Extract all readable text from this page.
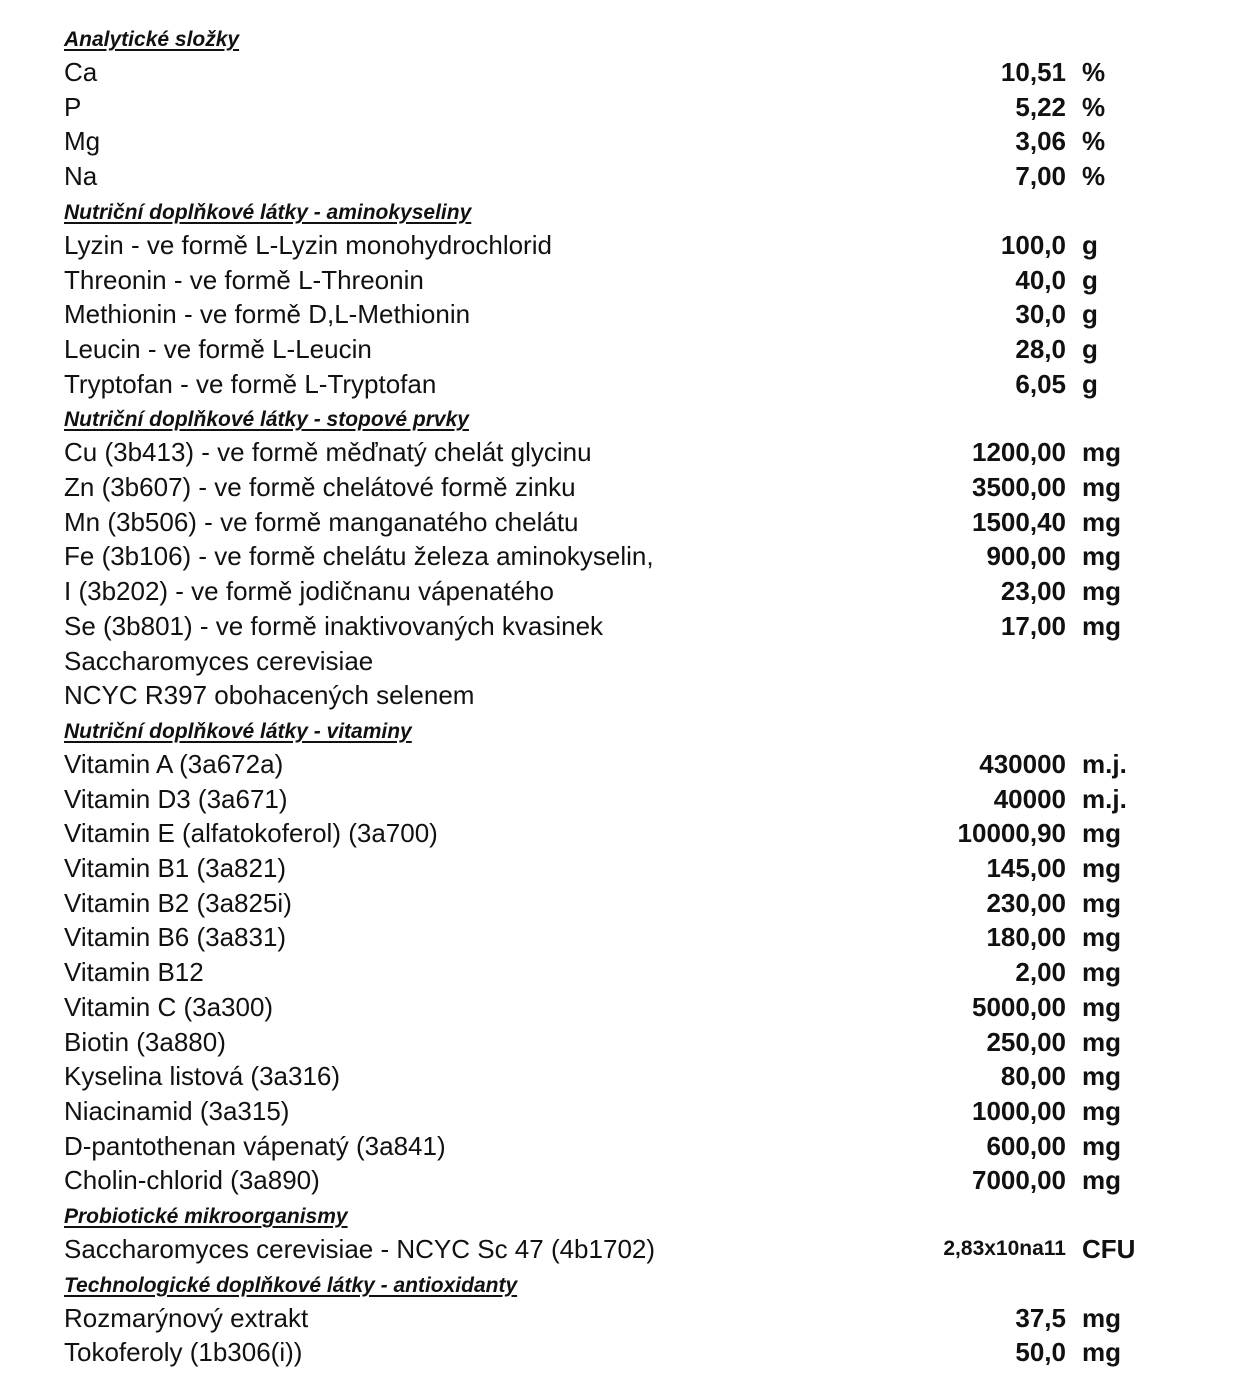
Analytické složky
Ca	10,51 %
P	5,22 %
Mg	3,06 %
Na	7,00 %
Nutriční doplňkové látky - aminokyseliny
Lyzin - ve formě L-Lyzin monohydrochlorid	100,0 g
Threonin - ve formě L-Threonin	40,0 g
Methionin - ve formě D,L-Methionin	30,0 g
Leucin - ve formě L-Leucin	28,0 g
Tryptofan - ve formě L-Tryptofan	6,05 g
Nutriční doplňkové látky - stopové prvky
Cu (3b413) - ve formě měďnatý chelát glycinu	1200,00 mg
Zn (3b607) - ve formě chelátové formě zinku	3500,00 mg
Mn (3b506) - ve formě manganatého chelátu	1500,40 mg
Fe (3b106) - ve formě chelátu železa aminokyselin,	900,00 mg
I (3b202) - ve formě jodičnanu vápenatého	23,00 mg
Se (3b801) - ve formě inaktivovaných kvasinek	17,00 mg
Saccharomyces cerevisiae
NCYC R397 obohacených selenem
Nutriční doplňkové látky - vitaminy
Vitamin A (3a672a)	430000 m.j.
Vitamin D3 (3a671)	40000 m.j.
Vitamin E (alfatokoferol) (3a700)	10000,90 mg
Vitamin B1 (3a821)	145,00 mg
Vitamin B2 (3a825i)	230,00 mg
Vitamin B6 (3a831)	180,00 mg
Vitamin B12	2,00 mg
Vitamin C (3a300)	5000,00 mg
Biotin (3a880)	250,00 mg
Kyselina listová (3a316)	80,00 mg
Niacinamid (3a315)	1000,00 mg
D-pantothenan vápenatý (3a841)	600,00 mg
Cholin-chlorid (3a890)	7000,00 mg
Probiotické mikroorganismy
Saccharomyces cerevisiae - NCYC Sc 47 (4b1702)	2,83x10na11 CFU
Technologické doplňkové látky - antioxidanty
Rozmarýnový extrakt	37,5 mg
Tokoferoly (1b306(i))	50,0 mg
